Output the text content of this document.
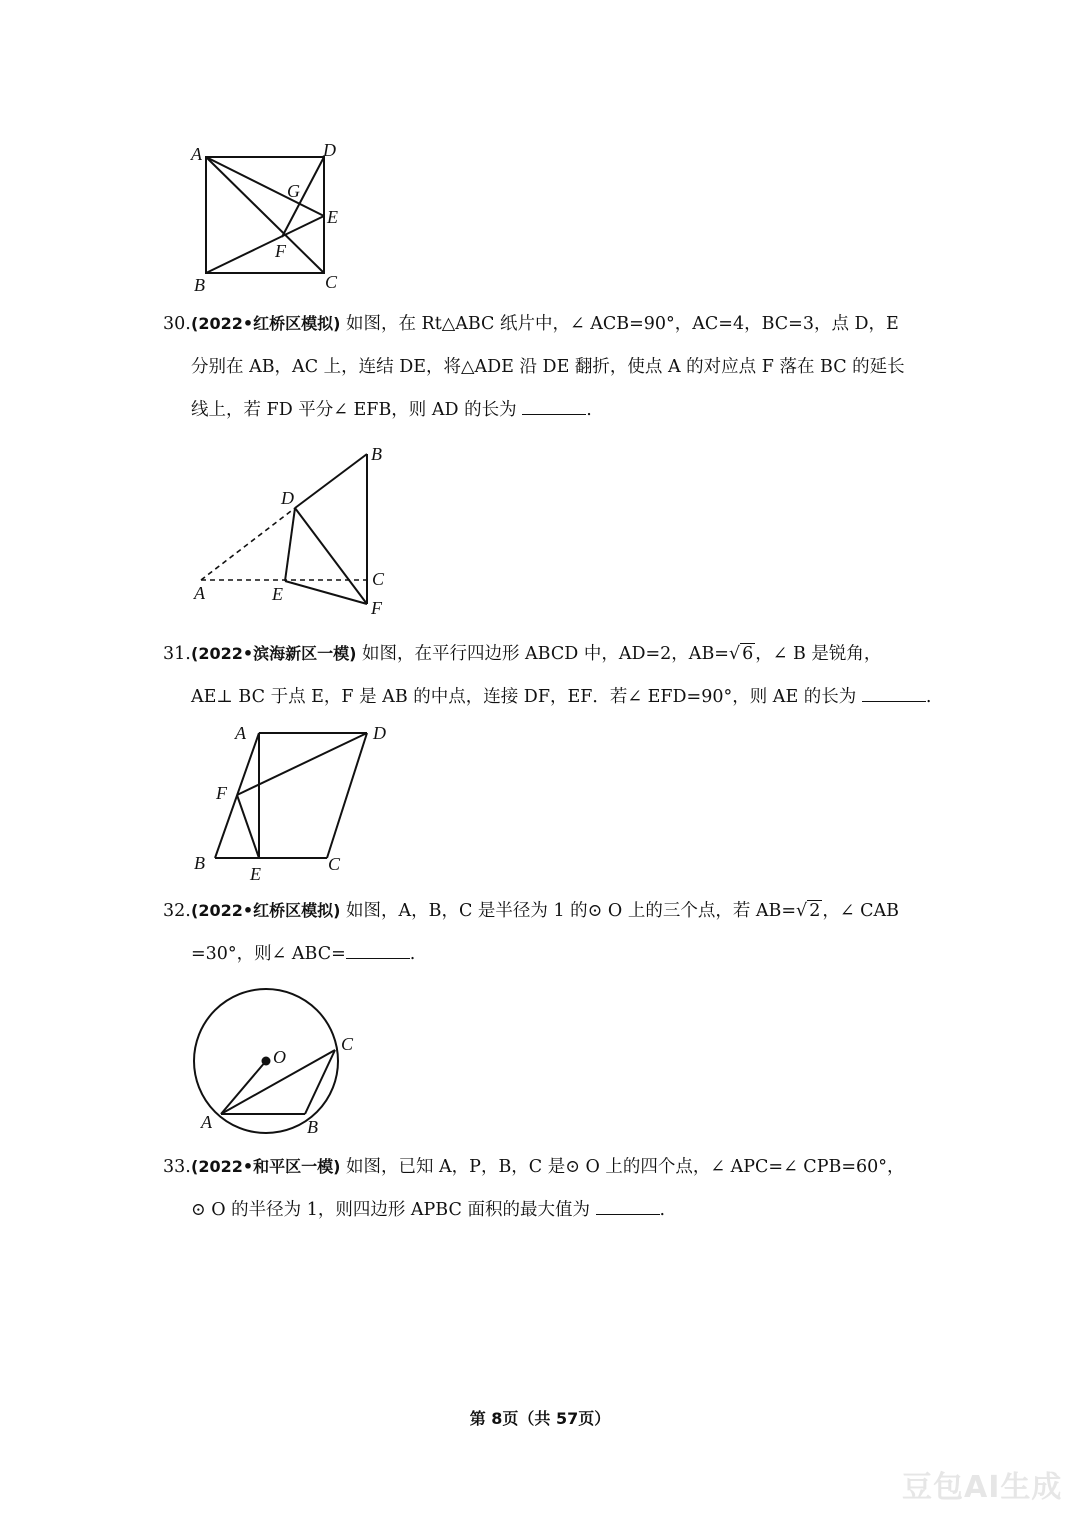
A	D
G
E
F
B	C
30.(2022•红桥区模拟) 如图，在 Rt△ABC 纸片中，∠ ACB=90°，AC=4，BC=3，点 D，E
分别在 AB，AC 上，连结 DE，将△ADE 沿 DE 翻折，使点 A 的对应点 F 落在 BC 的延长
线上，若 FD 平分∠ EFB，则 AD 的长为	.
B
D
A	E
C
F
31.(2022•滨海新区一模) 如图，在平行四边形 ABCD 中，AD=2，AB=√ 6 ，∠ B 是锐角，
AE⊥ BC 于点 E，F 是 AB 的中点，连接 DF，EF．若∠ EFD=90°，则 AE 的长为	.
A	D
F
B
E	C
32.(2022•红桥区模拟) 如图，A，B，C 是半径为 1 的⊙ O 上的三个点，若 AB=√ 2 ，∠ CAB
=30°，则∠ ABC=	.
O
C
A	B
33.(2022•和平区一模) 如图，已知 A，P，B，C 是⊙ O 上的四个点，∠ APC=∠ CPB=60°，
⊙ O 的半径为 1，则四边形 APBC 面积的最大值为	.
第 8页（共 57页）
豆包AI生成
